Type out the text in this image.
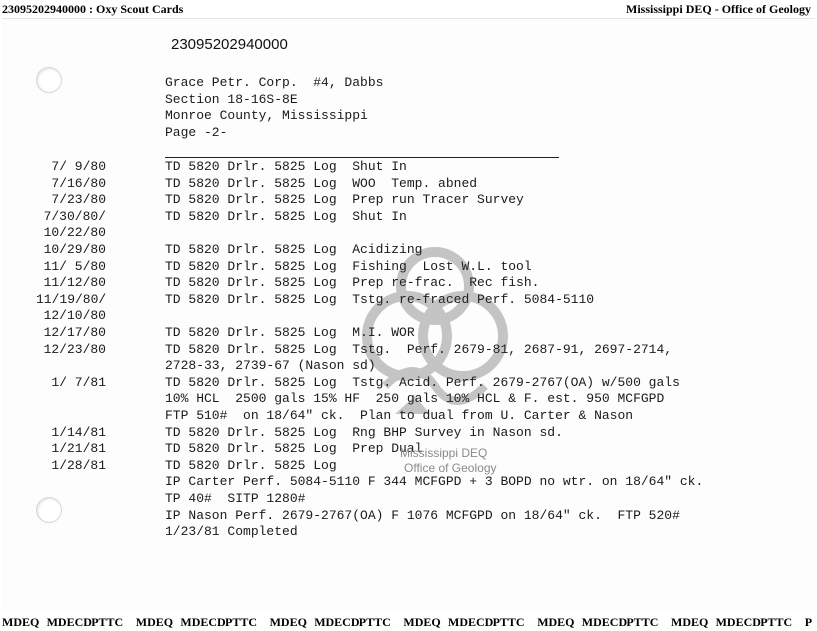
23095202940000 : Oxy Scout Cards	Mississippi DEQ - Office of Geology
23095202940000
Grace Petr. Corp.  #4, Dabbs
Section 18-16S-8E
Monroe County, Mississippi
Page -2-
7/ 9/80	TD 5820 Drlr. 5825 Log  Shut In
7/16/80	TD 5820 Drlr. 5825 Log  WOO  Temp. abned
7/23/80	TD 5820 Drlr. 5825 Log  Prep run Tracer Survey
7/30/80/	TD 5820 Drlr. 5825 Log  Shut In
10/22/80
10/29/80	TD 5820 Drlr. 5825 Log  Acidizing
11/ 5/80	TD 5820 Drlr. 5825 Log  Fishing  Lost W.L. tool
11/12/80	TD 5820 Drlr. 5825 Log  Prep re-frac.  Rec fish.
11/19/80/	TD 5820 Drlr. 5825 Log  Tstg. re-fraced Perf. 5084-5110
12/10/80
12/17/80	TD 5820 Drlr. 5825 Log  M.I. WOR
12/23/80	TD 5820 Drlr. 5825 Log  Tstg.  Perf. 2679-81, 2687-91, 2697-2714,
2728-33, 2739-67 (Nason sd)
1/ 7/81	TD 5820 Drlr. 5825 Log  Tstg. Acid. Perf. 2679-2767(OA) w/500 gals
10% HCL  2500 gals 15% HF  250 gals 10% HCL & F. est. 950 MCFGPD
FTP 510#  on 18/64" ck.  Plan to dual from U. Carter & Nason
1/14/81	TD 5820 Drlr. 5825 Log  Rng BHP Survey in Nason sd.
1/21/81	TD 5820 Drlr. 5825 Log  Prep Dual
1/28/81	TD 5820 Drlr. 5825 Log
IP Carter Perf. 5084-5110 F 344 MCFGPD + 3 BOPD no wtr. on 18/64" ck.
TP 40#  SITP 1280#
IP Nason Perf. 2679-2767(OA) F 1076 MCFGPD on 18/64" ck.  FTP 520#
1/23/81 Completed
Mississippi DEQ
Office of Geology
MDEQ MDECD PTTC MDEQ MDECD PTTC MDEQ MDECD PTTC MDEQ MDECD PTTC MDEQ MDECD PTTC MDEQ MDECD PTTC P
